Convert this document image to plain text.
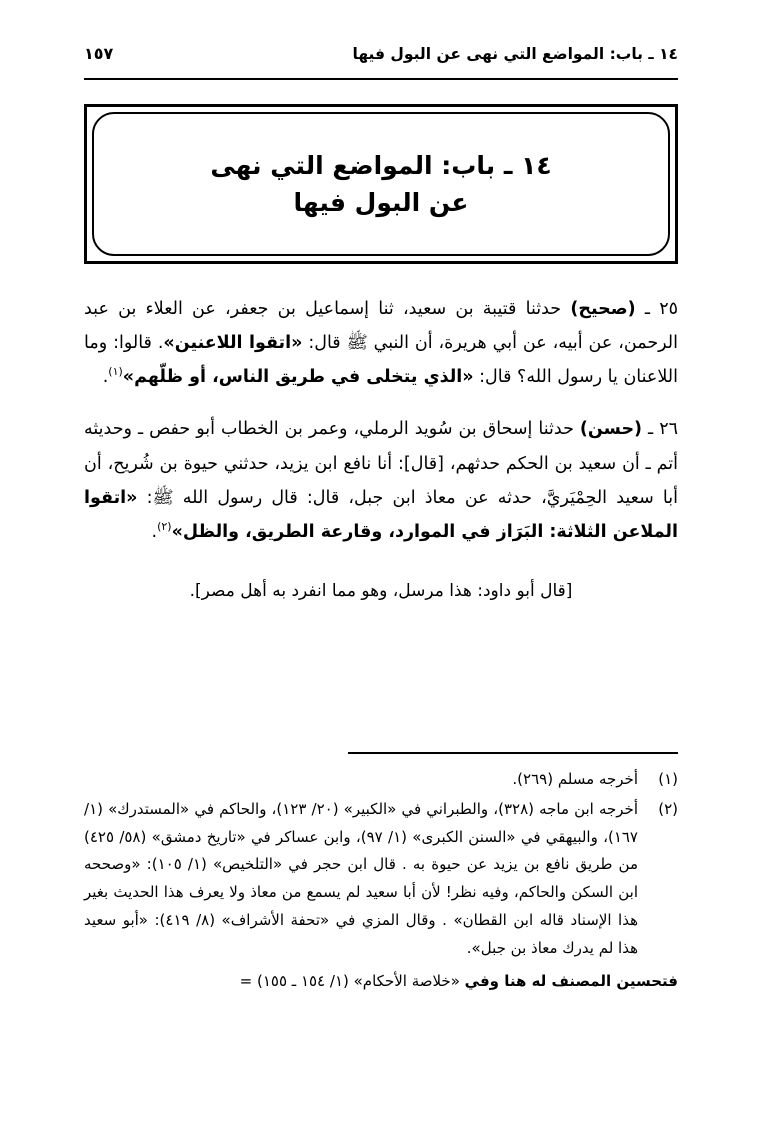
١٥٧	١٤ ـ باب: المواضع التي نهى عن البول فيها
١٤ ـ باب: المواضع التي نهى
عن البول فيها

٢٥ ـ (صحيح) حدثنا قتيبة بن سعيد، ثنا إسماعيل بن جعفر، عن العلاء بن عبد الرحمن، عن أبيه، عن أبي هريرة، أن النبي ﷺ قال: «اتقوا اللاعنين». قالوا: وما اللاعنان يا رسول الله؟ قال: «الذي يتخلى في طريق الناس، أو ظلّهم»$^{(١)}$.

٢٦ ـ (حسن) حدثنا إسحاق بن سُويد الرملي، وعمر بن الخطاب أبو حفص ـ وحديثه أتم ـ أن سعيد بن الحكم حدثهم، [قال]: أنا نافع ابن يزيد، حدثني حيوة بن شُريح، أن أبا سعيد الحِمْيَريَّ، حدثه عن معاذ ابن جبل، قال: قال رسول الله ﷺ: «اتقوا الملاعن الثلاثة: البَرَاز في الموارد، وقارعة الطريق، والظل»$^{(٢)}$.

[قال أبو داود: هذا مرسل، وهو مما انفرد به أهل مصر].

(١)
أخرجه مسلم (٢٦٩).
(٢)
أخرجه ابن ماجه (٣٢٨)، والطبراني في «الكبير» (٢٠/ ١٢٣)، والحاكم في «المستدرك» (١/ ١٦٧)، والبيهقي في «السنن الكبرى» (١/ ٩٧)، وابن عساكر في «تاريخ دمشق» (٥٨/ ٤٢٥) من طريق نافع بن يزيد عن حيوة به . قال ابن حجر في «التلخيص» (١/ ١٠٥): «وصححه ابن السكن والحاكم، وفيه نظر! لأن أبا سعيد لم يسمع من معاذ ولا يعرف هذا الحديث بغير هذا الإسناد قاله ابن القطان» . وقال المزي في «تحفة الأشراف» (٨/ ٤١٩): «أبو سعيد هذا لم يدرك معاذ بن جبل».
فتحسين المصنف له هنا وفي «خلاصة الأحكام» (١/ ١٥٤ ـ ١٥٥) =
